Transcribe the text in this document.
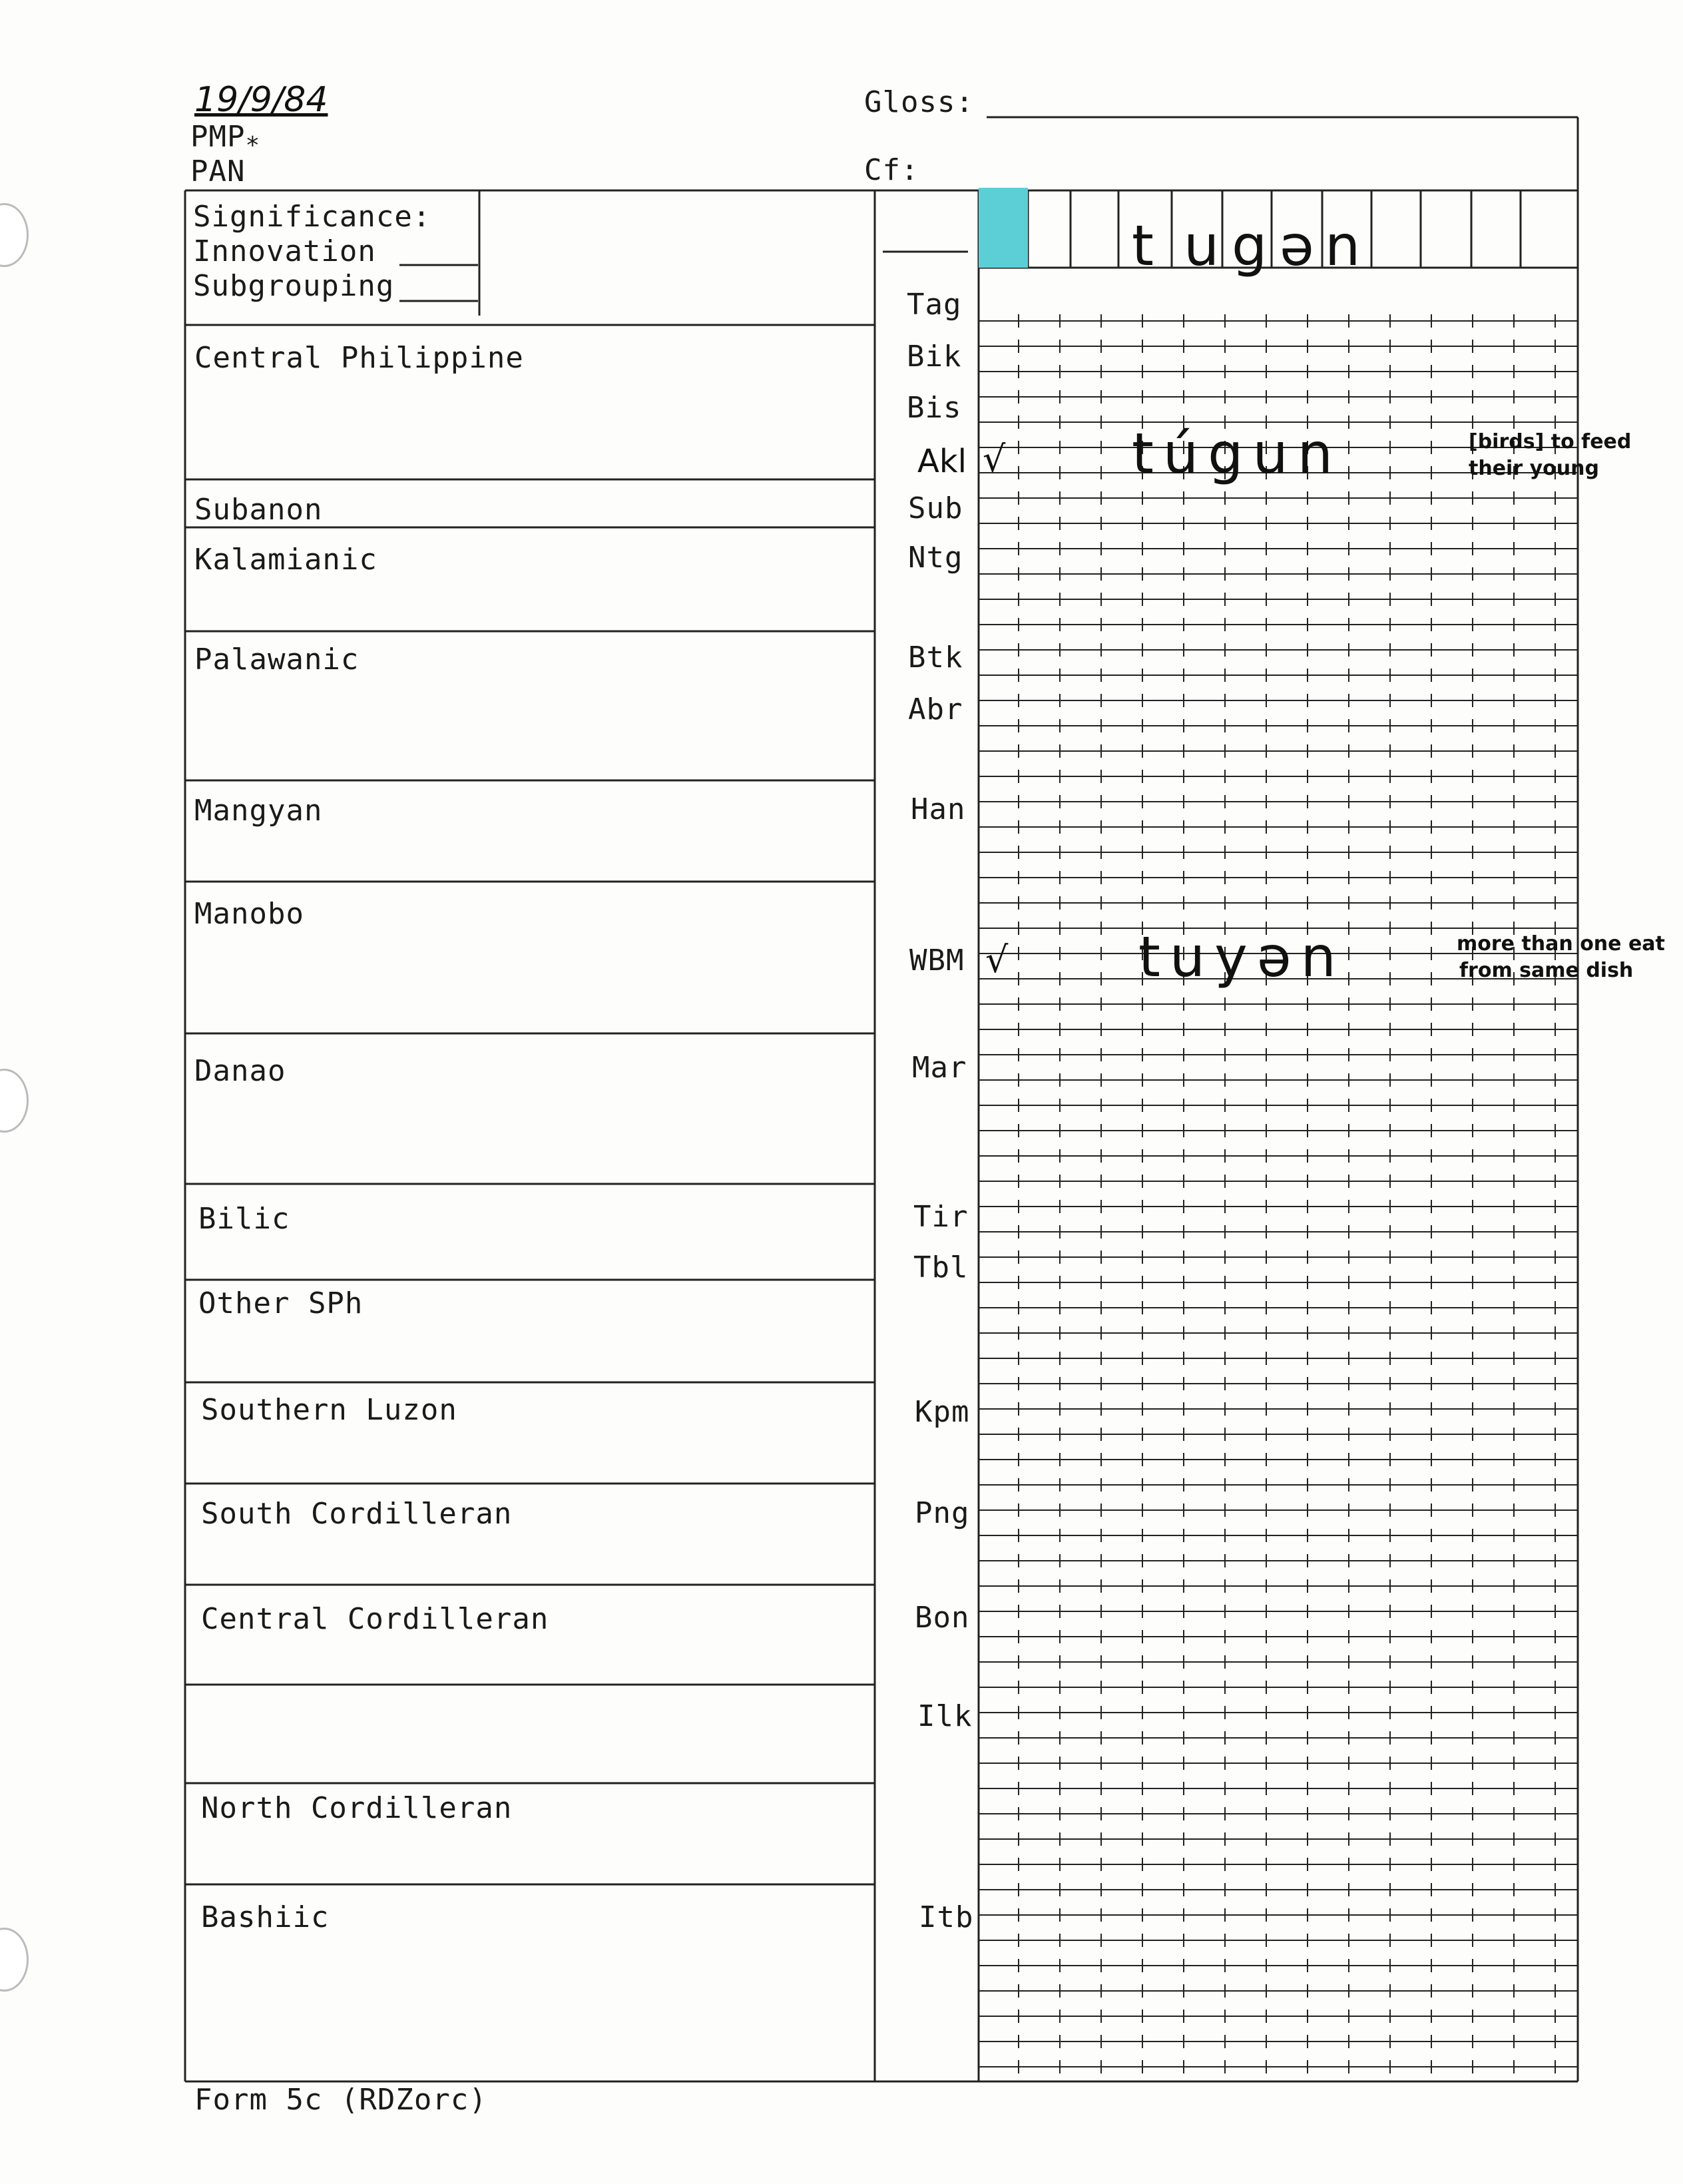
19/9/84
$PMP_*$
PAN
Gloss:
Cf:
Significance:
Innovation
Subgrouping
t u g ə n
Central Philippine
Subanon
Kalamianic
Palawanic
Mangyan
Manobo
Danao
Bilic
Other SPh
Southern Luzon
South Cordilleran
Central Cordilleran
North Cordilleran
Bashiic
Tag
Bik
Bis
Akl
Sub
Ntg
Btk
Abr
Han
WBM
Mar
Tir
Tbl
Kpm
Png
Bon
Ilk
Itb
√ túgun	[birds] to feed
their young
√ tuyən	more than one eat
from same dish
Form 5c (RDZorc)
